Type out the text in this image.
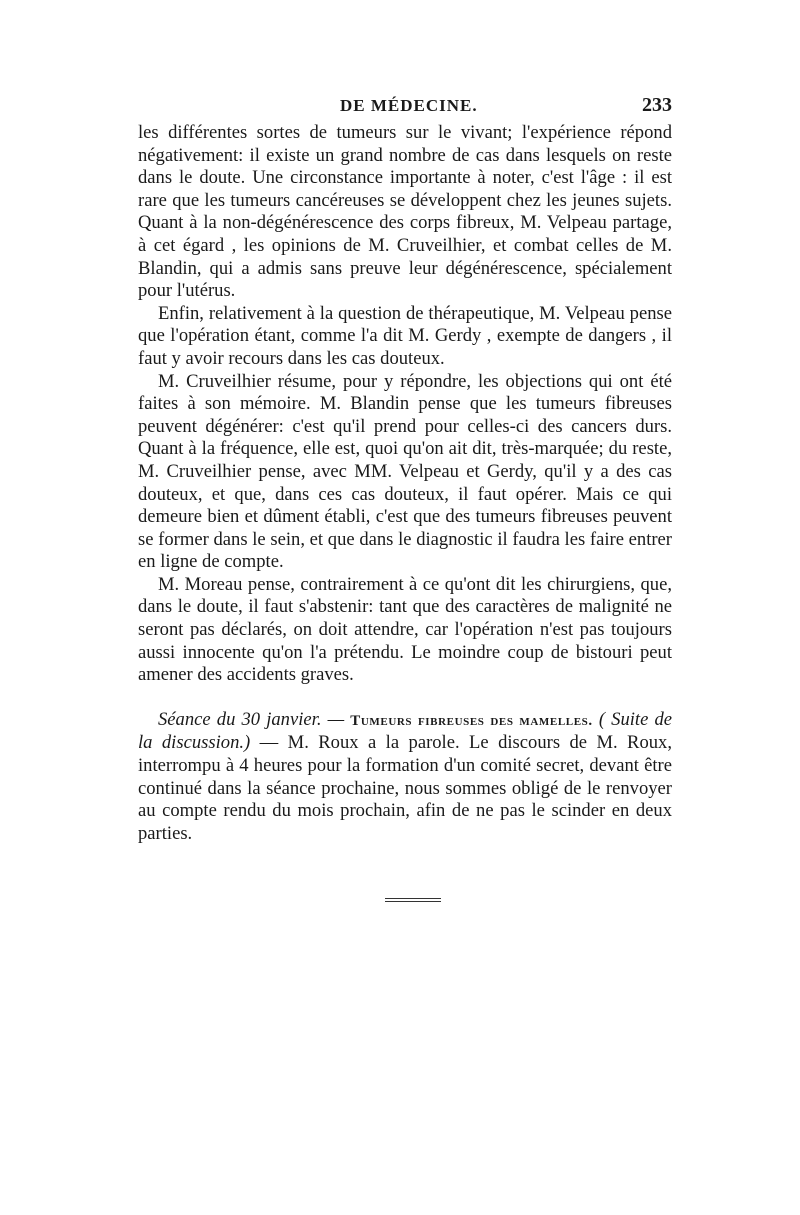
DE MÉDECINE.	233

les différentes sortes de tumeurs sur le vivant; l'expérience répond négativement: il existe un grand nombre de cas dans lesquels on reste dans le doute. Une circonstance importante à noter, c'est l'âge : il est rare que les tumeurs cancéreuses se développent chez les jeunes sujets. Quant à la non-dégénérescence des corps fibreux, M. Velpeau partage, à cet égard , les opinions de M. Cruveilhier, et combat celles de M. Blandin, qui a admis sans preuve leur dégénérescence, spécialement pour l'utérus.

Enfin, relativement à la question de thérapeutique, M. Velpeau pense que l'opération étant, comme l'a dit M. Gerdy , exempte de dangers , il faut y avoir recours dans les cas douteux.

M. Cruveilhier résume, pour y répondre, les objections qui ont été faites à son mémoire. M. Blandin pense que les tumeurs fibreuses peuvent dégénérer: c'est qu'il prend pour celles-ci des cancers durs. Quant à la fréquence, elle est, quoi qu'on ait dit, très-marquée; du reste, M. Cruveilhier pense, avec MM. Velpeau et Gerdy, qu'il y a des cas douteux, et que, dans ces cas douteux, il faut opérer. Mais ce qui demeure bien et dûment établi, c'est que des tumeurs fibreuses peuvent se former dans le sein, et que dans le diagnostic il faudra les faire entrer en ligne de compte.

M. Moreau pense, contrairement à ce qu'ont dit les chirurgiens, que, dans le doute, il faut s'abstenir: tant que des caractères de malignité ne seront pas déclarés, on doit attendre, car l'opération n'est pas toujours aussi innocente qu'on l'a prétendu. Le moindre coup de bistouri peut amener des accidents graves.

Séance du 30 janvier. — Tumeurs fibreuses des mamelles. ( Suite de la discussion.) — M. Roux a la parole. Le discours de M. Roux, interrompu à 4 heures pour la formation d'un comité secret, devant être continué dans la séance prochaine, nous sommes obligé de le renvoyer au compte rendu du mois prochain, afin de ne pas le scinder en deux parties.
